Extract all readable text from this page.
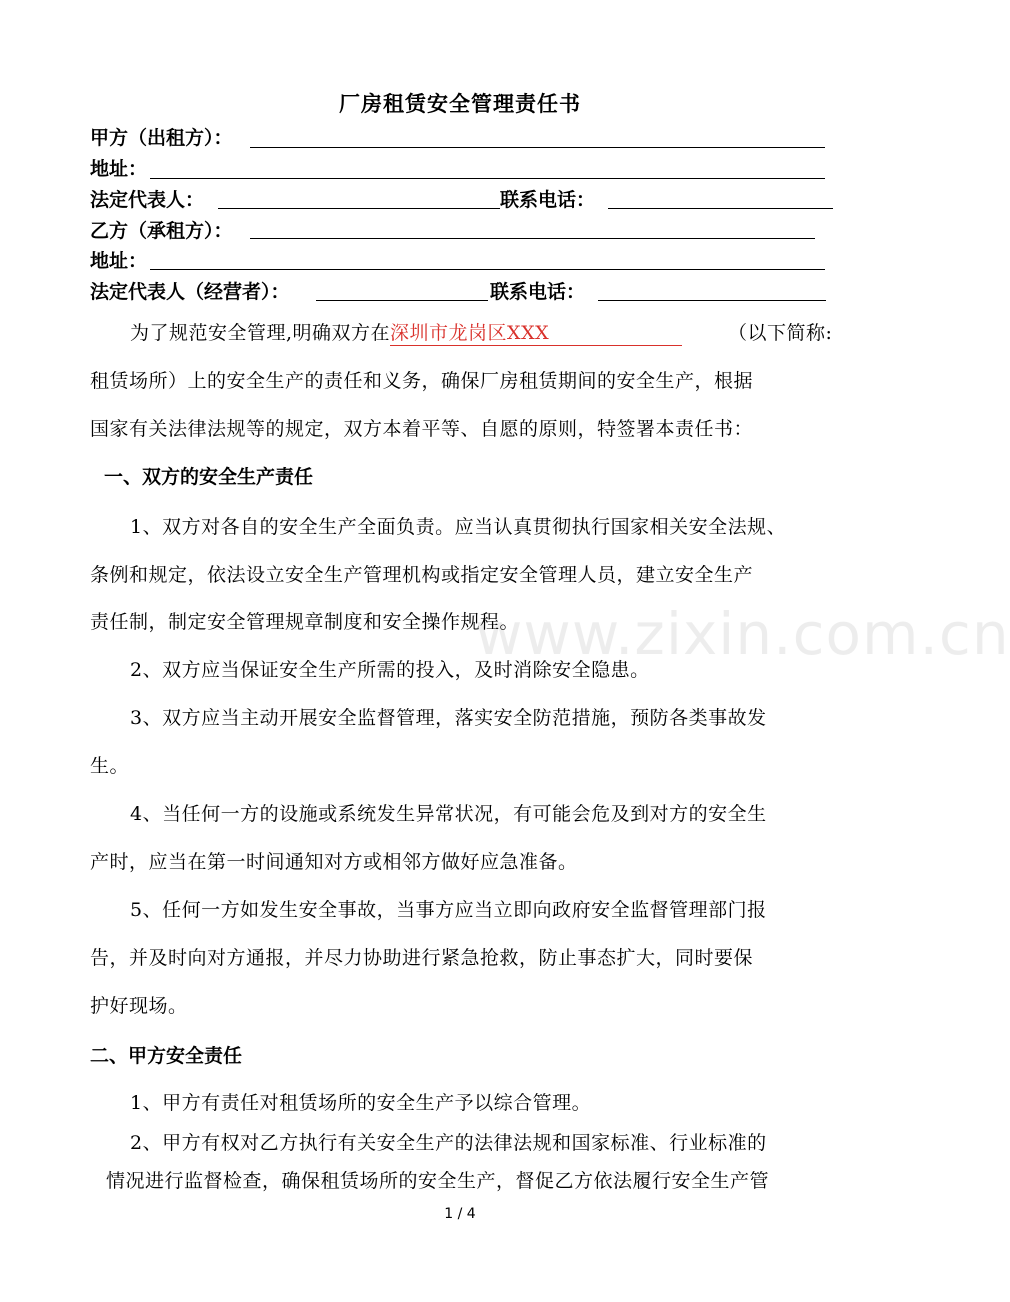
www.zixin.com.cn
厂房租赁安全管理责任书
甲方（出租方）：
地址：
法定代表人：	联系电话：
乙方（承租方）：
地址：
法定代表人（经营者）：	联系电话：
为了规范安全管理,明确双方在深圳市龙岗区XXX	（以下简称:
租赁场所）上的安全生产的责任和义务，确保厂房租赁期间的安全生产，根据
国家有关法律法规等的规定，双方本着平等、自愿的原则，特签署本责任书：
一、双方的安全生产责任
1、双方对各自的安全生产全面负责。应当认真贯彻执行国家相关安全法规、
条例和规定，依法设立安全生产管理机构或指定安全管理人员，建立安全生产
责任制，制定安全管理规章制度和安全操作规程。
2、双方应当保证安全生产所需的投入，及时消除安全隐患。
3、双方应当主动开展安全监督管理，落实安全防范措施，预防各类事故发
生。
4、当任何一方的设施或系统发生异常状况，有可能会危及到对方的安全生
产时，应当在第一时间通知对方或相邻方做好应急准备。
5、任何一方如发生安全事故，当事方应当立即向政府安全监督管理部门报
告，并及时向对方通报，并尽力协助进行紧急抢救，防止事态扩大，同时要保
护好现场。
二、甲方安全责任
1、甲方有责任对租赁场所的安全生产予以综合管理。
2、甲方有权对乙方执行有关安全生产的法律法规和国家标准、行业标准的
情况进行监督检查，确保租赁场所的安全生产，督促乙方依法履行安全生产管
1 / 4
